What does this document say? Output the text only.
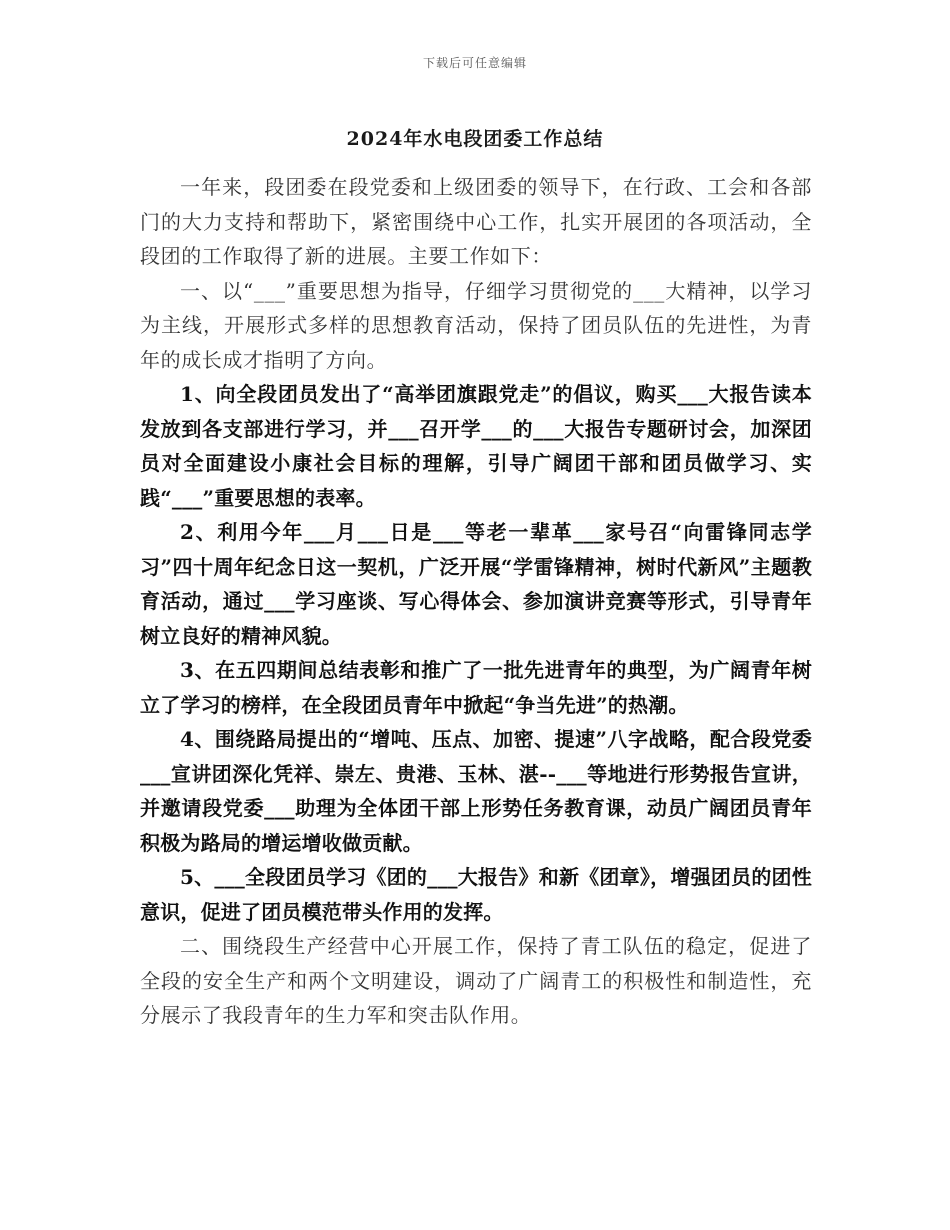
下载后可任意编辑
2024年水电段团委工作总结

一年来，段团委在段党委和上级团委的领导下，在行政、工会和各部门的大力支持和帮助下，紧密围绕中心工作，扎实开展团的各项活动，全段团的工作取得了新的进展。主要工作如下：

一、以“___”重要思想为指导，仔细学习贯彻党的___大精神，以学习为主线，开展形式多样的思想教育活动，保持了团员队伍的先进性，为青年的成长成才指明了方向。

1、向全段团员发出了“高举团旗跟党走”的倡议，购买___大报告读本发放到各支部进行学习，并___召开学___的___大报告专题研讨会，加深团员对全面建设小康社会目标的理解，引导广阔团干部和团员做学习、实践“___”重要思想的表率。

2、利用今年___月___日是___等老一辈革___家号召“向雷锋同志学习”四十周年纪念日这一契机，广泛开展“学雷锋精神，树时代新风”主题教育活动，通过___学习座谈、写心得体会、参加演讲竞赛等形式，引导青年树立良好的精神风貌。

3、在五四期间总结表彰和推广了一批先进青年的典型，为广阔青年树立了学习的榜样，在全段团员青年中掀起“争当先进”的热潮。

4、围绕路局提出的“增吨、压点、加密、提速”八字战略，配合段党委___宣讲团深化凭祥、崇左、贵港、玉林、湛--___等地进行形势报告宣讲，并邀请段党委___助理为全体团干部上形势任务教育课，动员广阔团员青年积极为路局的增运增收做贡献。

5、___全段团员学习《团的___大报告》和新《团章》，增强团员的团性意识，促进了团员模范带头作用的发挥。

二、围绕段生产经营中心开展工作，保持了青工队伍的稳定，促进了全段的安全生产和两个文明建设，调动了广阔青工的积极性和制造性，充分展示了我段青年的生力军和突击队作用。
